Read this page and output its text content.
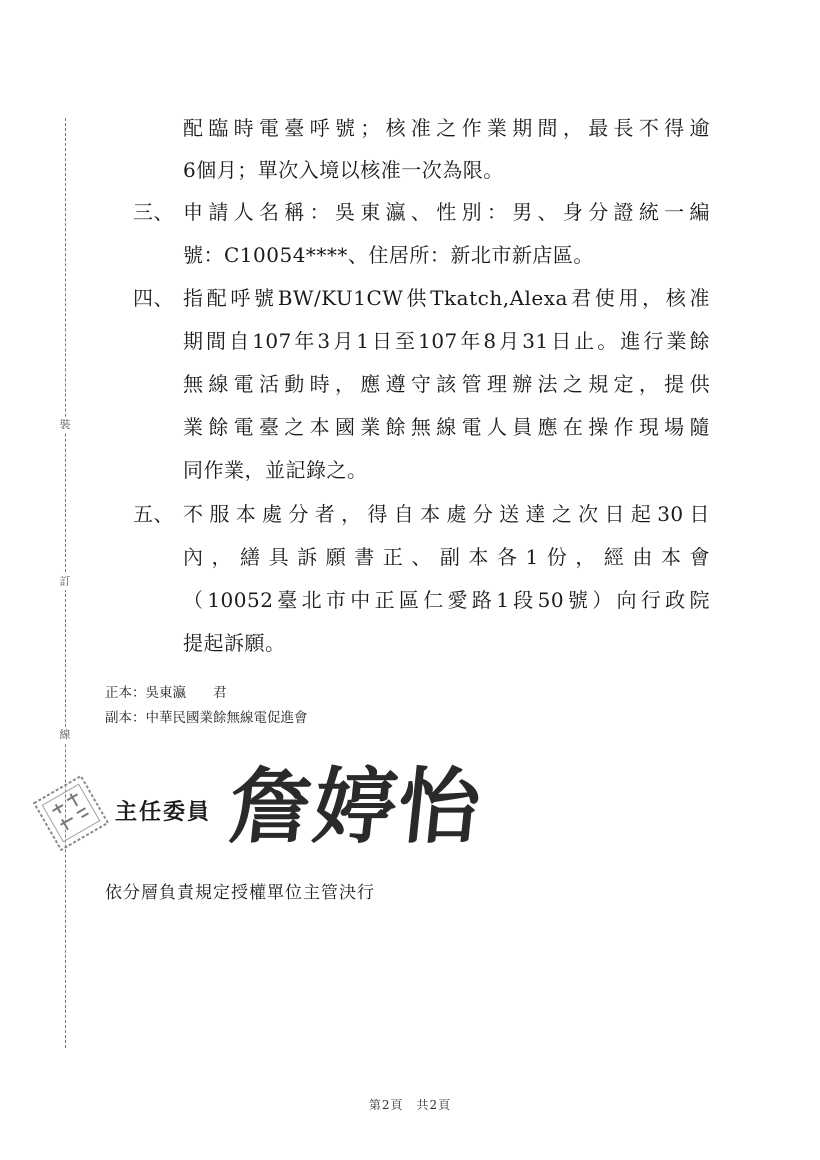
裝
訂
線
配臨時電臺呼號；核准之作業期間，最長不得逾
6個月；單次入境以核准一次為限。
三、 申請人名稱：吳東瀛、性別：男、身分證統一編
號：C10054****、住居所：新北市新店區。
四、 指配呼號BW/KU1CW供Tkatch,Alexa君使用，核准
期間自107年3月1日至107年8月31日止。進行業餘
無線電活動時，應遵守該管理辦法之規定，提供
業餘電臺之本國業餘無線電人員應在操作現場隨
同作業，並記錄之。
五、 不服本處分者，得自本處分送達之次日起30日
內，繕具訴願書正、副本各1份，經由本會
（10052臺北市中正區仁愛路1段50號）向行政院
提起訴願。
正本：吳東瀛　　君
副本：中華民國業餘無線電促進會
主任委員 詹婷怡
依分層負責規定授權單位主管決行
第2頁　共2頁
